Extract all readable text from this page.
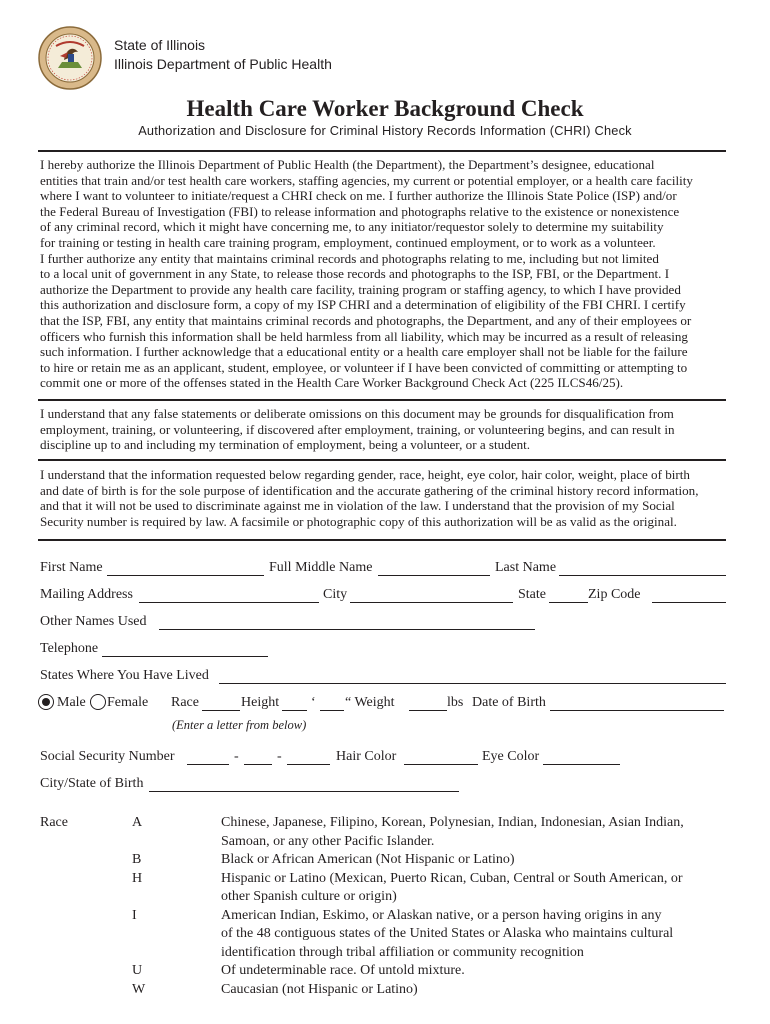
State of Illinois
Illinois Department of Public Health
Health Care Worker Background Check
Authorization and Disclosure for Criminal History Records Information (CHRI) Check

I hereby authorize the Illinois Department of Public Health (the Department), the Department’s designee, educational
entities that train and/or test health care workers, staffing agencies, my current or potential employer, or a health care facility
where I want to volunteer to initiate/request a CHRI check on me. I further authorize the Illinois State Police (ISP) and/or
the Federal Bureau of Investigation (FBI) to release information and photographs relative to the existence or nonexistence
of any criminal record, which it might have concerning me, to any initiator/requestor solely to determine my suitability
for training or testing in health care training program, employment, continued employment, or to work as a volunteer.
I further authorize any entity that maintains criminal records and photographs relating to me, including but not limited
to a local unit of government in any State, to release those records and photographs to the ISP, FBI, or the Department. I
authorize the Department to provide any health care facility, training program or staffing agency, to which I have provided
this authorization and disclosure form, a copy of my ISP CHRI and a determination of eligibility of the FBI CHRI. I certify
that the ISP, FBI, any entity that maintains criminal records and photographs, the Department, and any of their employees or
officers who furnish this information shall be held harmless from all liability, which may be incurred as a result of releasing
such information. I further acknowledge that a educational entity or a health care employer shall not be liable for the failure
to hire or retain me as an applicant, student, employee, or volunteer if I have been convicted of committing or attempting to
commit one or more of the offenses stated in the Health Care Worker Background Check Act (225 ILCS46/25).

I understand that any false statements or deliberate omissions on this document may be grounds for disqualification from
employment, training, or volunteering, if discovered after employment, training, or volunteering begins, and can result in
discipline up to and including my termination of employment, being a volunteer, or a student.

I understand that the information requested below regarding gender, race, height, eye color, hair color, weight, place of birth
and date of birth is for the sole purpose of identification and the accurate gathering of the criminal history record information,
and that it will not be used to discriminate against me in violation of the law. I understand that the provision of my Social
Security number is required by law. A facsimile or photographic copy of this authorization will be as valid as the original.

First Name	Full Middle Name	Last Name
Mailing Address	City	State	Zip Code
Other Names Used
Telephone
States Where You Have Lived
Male Female Race	Height ‘ “ Weight	lbs Date of Birth
(Enter a letter from below)
Social Security Number	-	-	Hair Color	Eye Color
City/State of Birth
Race	A	Chinese, Japanese, Filipino, Korean, Polynesian, Indian, Indonesian, Asian Indian,
Samoan, or any other Pacific Islander.
B	Black or African American (Not Hispanic or Latino)
H	Hispanic or Latino (Mexican, Puerto Rican, Cuban, Central or South American, or
other Spanish culture or origin)
I	American Indian, Eskimo, or Alaskan native, or a person having origins in any
of the 48 contiguous states of the United States or Alaska who maintains cultural
identification through tribal affiliation or community recognition
U	Of undeterminable race. Of untold mixture.
W	Caucasian (not Hispanic or Latino)
